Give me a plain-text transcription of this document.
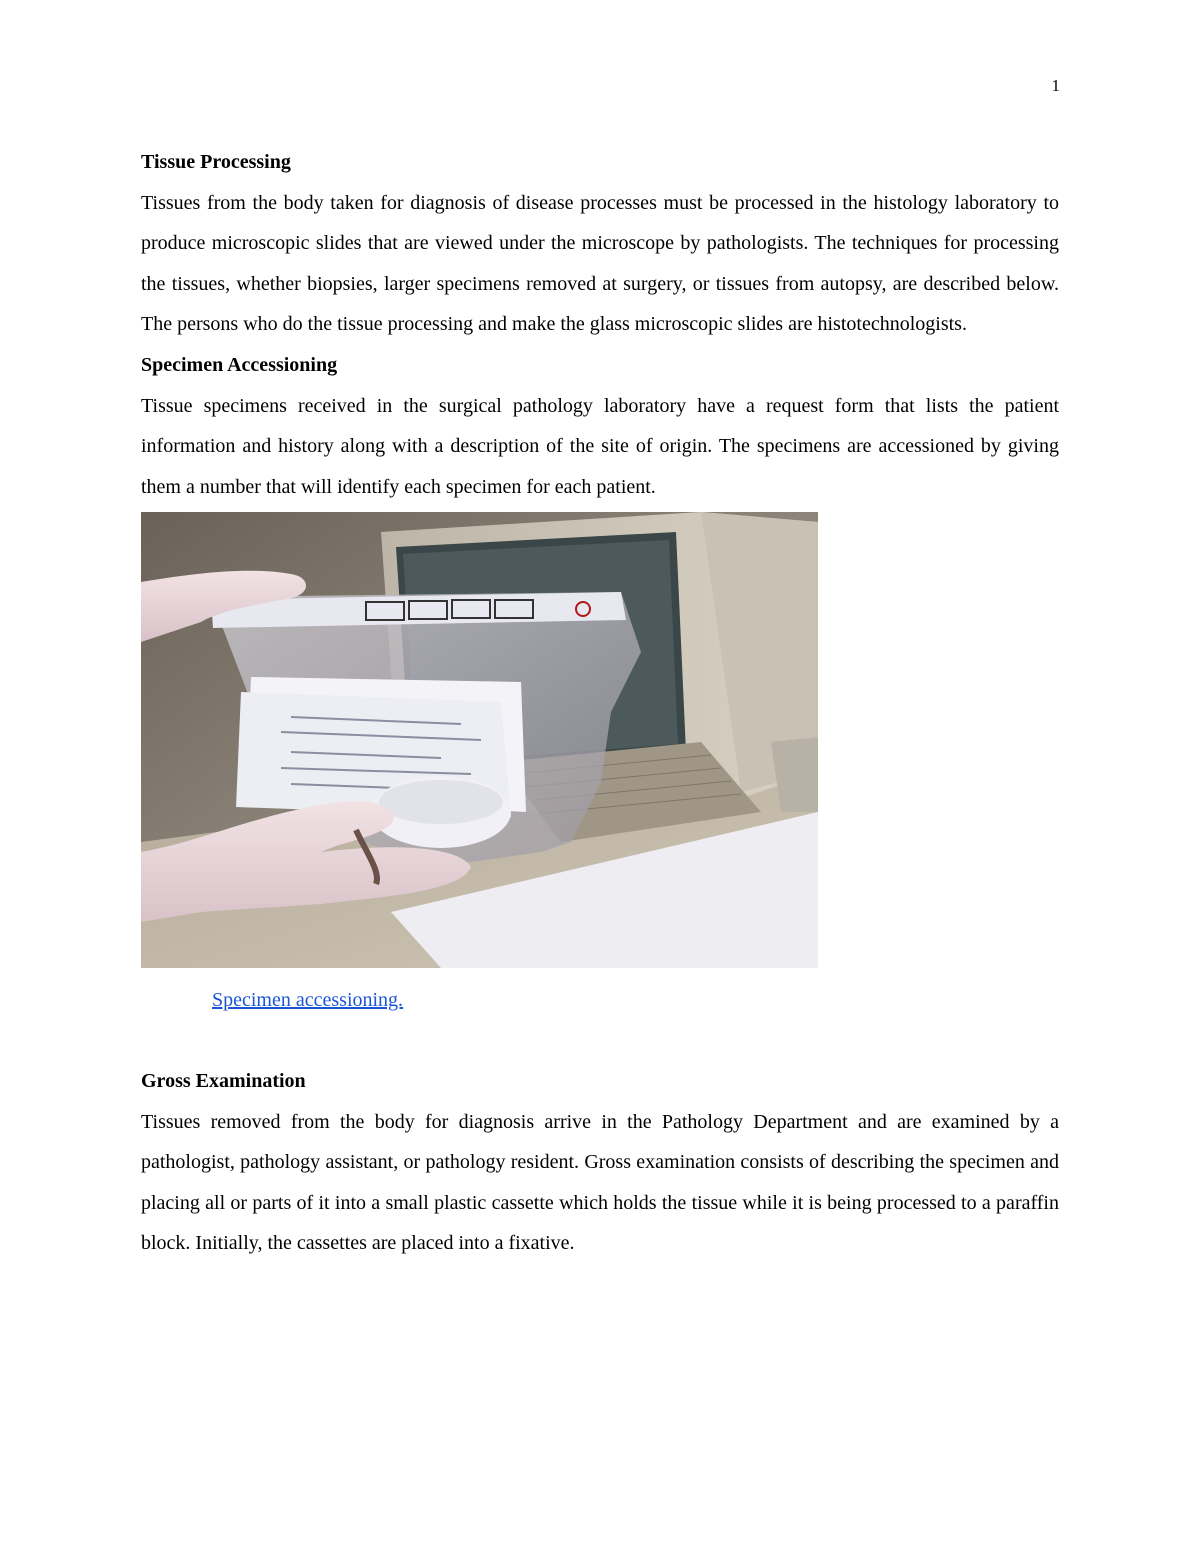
1

Tissue Processing

Tissues from the body taken for diagnosis of disease processes must be processed in the histology laboratory to produce microscopic slides that are viewed under the microscope by pathologists. The techniques for processing the tissues, whether biopsies, larger specimens removed at surgery, or tissues from autopsy, are described below. The persons who do the tissue processing and make the glass microscopic slides are histotechnologists.

Specimen Accessioning

Tissue specimens received in the surgical pathology laboratory have a request form that lists the patient information and history along with a description of the site of origin. The specimens are accessioned by giving them a number that will identify each specimen for each patient.

Specimen accessioning.

Gross Examination

Tissues removed from the body for diagnosis arrive in the Pathology Department and are examined by a pathologist, pathology assistant, or pathology resident. Gross examination consists of describing the specimen and placing all or parts of it into a small plastic cassette which holds the tissue while it is being processed to a paraffin block. Initially, the cassettes are placed into a fixative.
